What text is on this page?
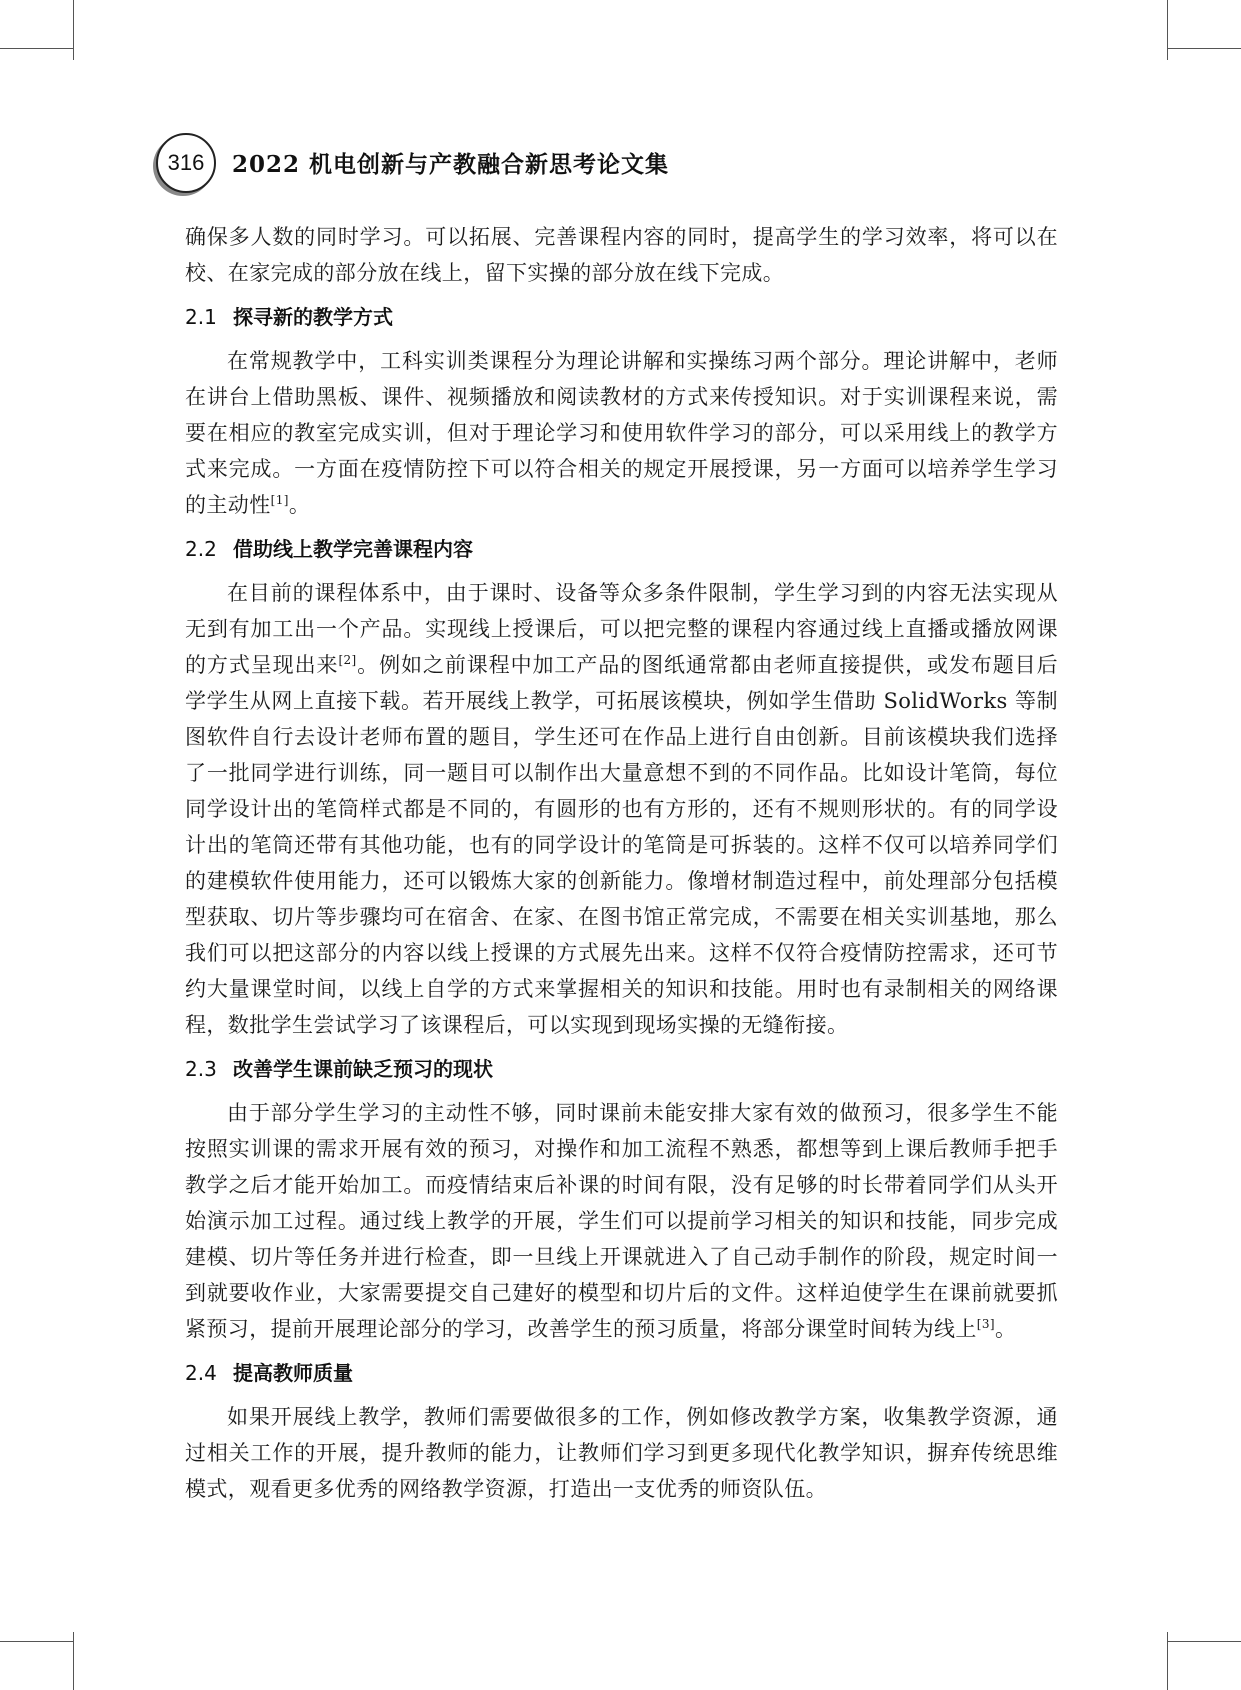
316 2022 机电创新与产教融合新思考论文集

确保多人数的同时学习。可以拓展、完善课程内容的同时，提高学生的学习效率，将可以在校、在家完成的部分放在线上，留下实操的部分放在线下完成。

2.1 探寻新的教学方式

在常规教学中，工科实训类课程分为理论讲解和实操练习两个部分。理论讲解中，老师在讲台上借助黑板、课件、视频播放和阅读教材的方式来传授知识。对于实训课程来说，需要在相应的教室完成实训，但对于理论学习和使用软件学习的部分，可以采用线上的教学方式来完成。一方面在疫情防控下可以符合相关的规定开展授课，另一方面可以培养学生学习的主动性[1]。

2.2 借助线上教学完善课程内容

在目前的课程体系中，由于课时、设备等众多条件限制，学生学习到的内容无法实现从无到有加工出一个产品。实现线上授课后，可以把完整的课程内容通过线上直播或播放网课的方式呈现出来[2]。例如之前课程中加工产品的图纸通常都由老师直接提供，或发布题目后学学生从网上直接下载。若开展线上教学，可拓展该模块，例如学生借助 SolidWorks 等制图软件自行去设计老师布置的题目，学生还可在作品上进行自由创新。目前该模块我们选择了一批同学进行训练，同一题目可以制作出大量意想不到的不同作品。比如设计笔筒，每位同学设计出的笔筒样式都是不同的，有圆形的也有方形的，还有不规则形状的。有的同学设计出的笔筒还带有其他功能，也有的同学设计的笔筒是可拆装的。这样不仅可以培养同学们的建模软件使用能力，还可以锻炼大家的创新能力。像增材制造过程中，前处理部分包括模型获取、切片等步骤均可在宿舍、在家、在图书馆正常完成，不需要在相关实训基地，那么我们可以把这部分的内容以线上授课的方式展先出来。这样不仅符合疫情防控需求，还可节约大量课堂时间，以线上自学的方式来掌握相关的知识和技能。用时也有录制相关的网络课程，数批学生尝试学习了该课程后，可以实现到现场实操的无缝衔接。

2.3 改善学生课前缺乏预习的现状

由于部分学生学习的主动性不够，同时课前未能安排大家有效的做预习，很多学生不能按照实训课的需求开展有效的预习，对操作和加工流程不熟悉，都想等到上课后教师手把手教学之后才能开始加工。而疫情结束后补课的时间有限，没有足够的时长带着同学们从头开始演示加工过程。通过线上教学的开展，学生们可以提前学习相关的知识和技能，同步完成建模、切片等任务并进行检查，即一旦线上开课就进入了自己动手制作的阶段，规定时间一到就要收作业，大家需要提交自己建好的模型和切片后的文件。这样迫使学生在课前就要抓紧预习，提前开展理论部分的学习，改善学生的预习质量，将部分课堂时间转为线上[3]。

2.4 提高教师质量

如果开展线上教学，教师们需要做很多的工作，例如修改教学方案，收集教学资源，通过相关工作的开展，提升教师的能力，让教师们学习到更多现代化教学知识，摒弃传统思维模式，观看更多优秀的网络教学资源，打造出一支优秀的师资队伍。
